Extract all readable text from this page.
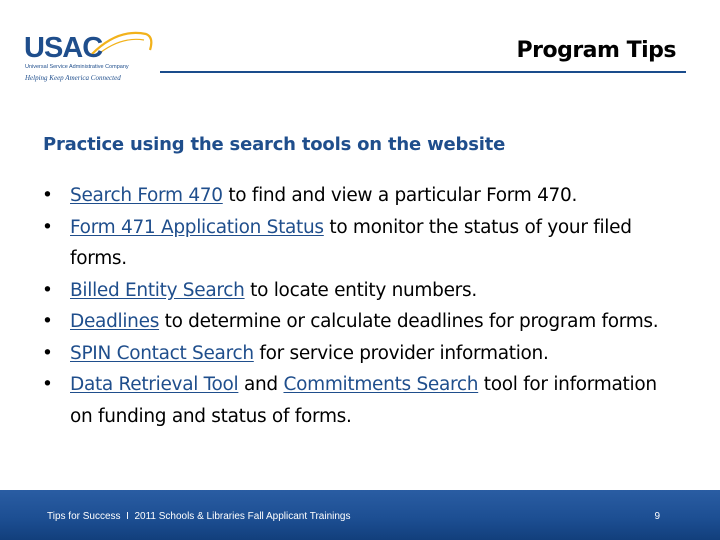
USAC
Universal Service Administrative Company
Helping Keep America Connected
Program Tips
Practice using the search tools on the website
• Search Form 470 to find and view a particular Form 470.
• Form 471 Application Status to monitor the status of your filed forms.
• Billed Entity Search to locate entity numbers.
• Deadlines to determine or calculate deadlines for program forms.
• SPIN Contact Search for service provider information.
• Data Retrieval Tool and Commitments Search tool for information on funding and status of forms.
Tips for Success I 2011 Schools & Libraries Fall Applicant Trainings	9
